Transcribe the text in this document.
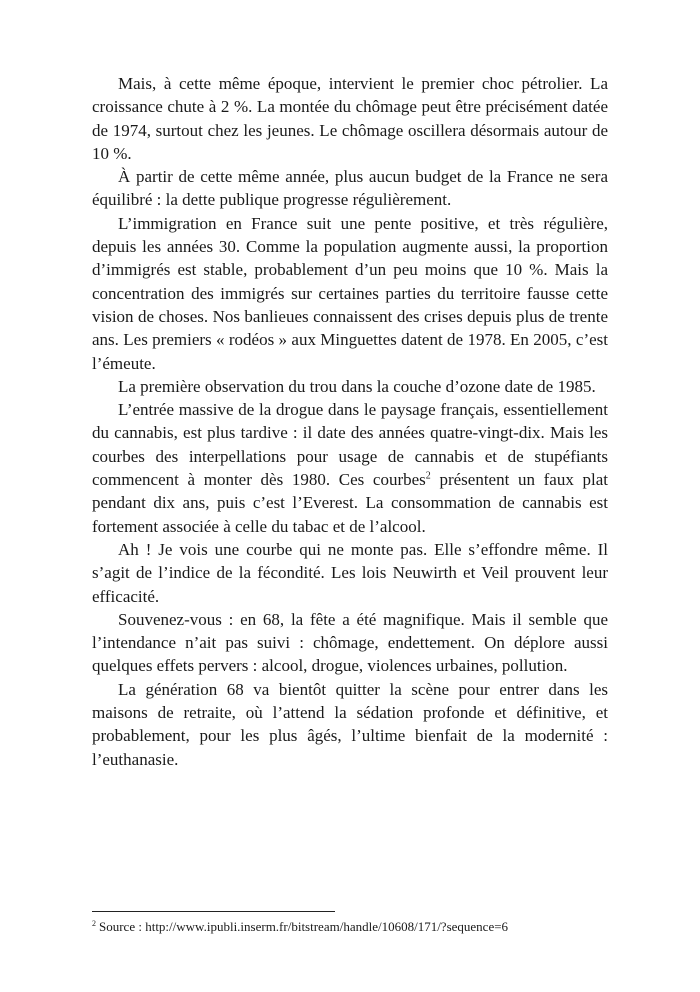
Mais, à cette même époque, intervient le premier choc pétrolier. La croissance chute à 2 %. La montée du chômage peut être précisément datée de 1974, surtout chez les jeunes. Le chômage oscillera désormais autour de 10 %.

À partir de cette même année, plus aucun budget de la France ne sera équilibré : la dette publique progresse régulièrement.

L’immigration en France suit une pente positive, et très régulière, depuis les années 30. Comme la population augmente aussi, la proportion d’immigrés est stable, probablement d’un peu moins que 10 %. Mais la concentration des immigrés sur certaines parties du territoire fausse cette vision de choses. Nos banlieues connaissent des crises depuis plus de trente ans. Les premiers « rodéos » aux Minguettes datent de 1978. En 2005, c’est l’émeute.

La première observation du trou dans la couche d’ozone date de 1985.

L’entrée massive de la drogue dans le paysage français, essentiellement du cannabis, est plus tardive : il date des années quatre-vingt-dix. Mais les courbes des interpellations pour usage de cannabis et de stupéfiants commencent à monter dès 1980. Ces courbes$^2$ présentent un faux plat pendant dix ans, puis c’est l’Everest. La consommation de cannabis est fortement associée à celle du tabac et de l’alcool.

Ah ! Je vois une courbe qui ne monte pas. Elle s’effondre même. Il s’agit de l’indice de la fécondité. Les lois Neuwirth et Veil prouvent leur efficacité.

Souvenez-vous : en 68, la fête a été magnifique. Mais il semble que l’intendance n’ait pas suivi : chômage, endettement. On déplore aussi quelques effets pervers : alcool, drogue, violences urbaines, pollution.

La génération 68 va bientôt quitter la scène pour entrer dans les maisons de retraite, où l’attend la sédation profonde et définitive, et probablement, pour les plus âgés, l’ultime bienfait de la modernité : l’euthanasie.

$^2$ Source : http://www.ipubli.inserm.fr/bitstream/handle/10608/171/?sequence=6
